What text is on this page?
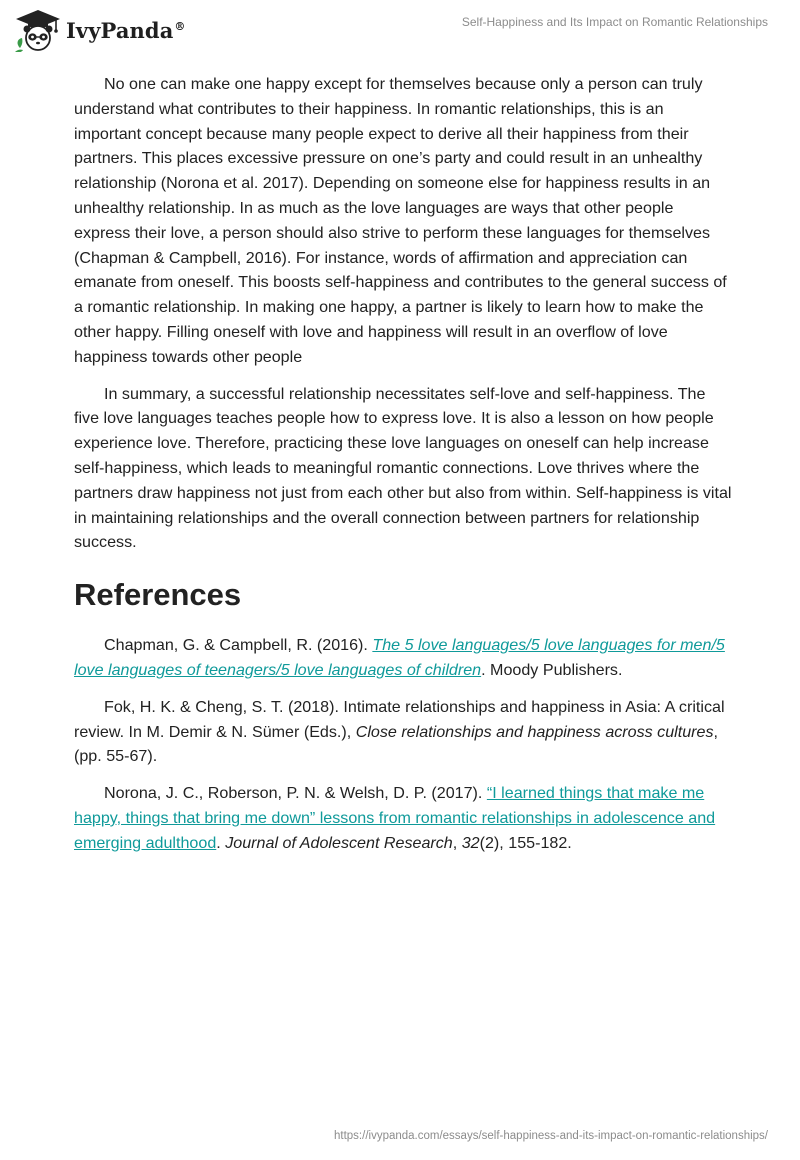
IvyPanda®	Self-Happiness and Its Impact on Romantic Relationships

No one can make one happy except for themselves because only a person can truly understand what contributes to their happiness. In romantic relationships, this is an important concept because many people expect to derive all their happiness from their partners. This places excessive pressure on one’s party and could result in an unhealthy relationship (Norona et al. 2017). Depending on someone else for happiness results in an unhealthy relationship. In as much as the love languages are ways that other people express their love, a person should also strive to perform these languages for themselves (Chapman & Campbell, 2016). For instance, words of affirmation and appreciation can emanate from oneself. This boosts self-happiness and contributes to the general success of a romantic relationship. In making one happy, a partner is likely to learn how to make the other happy. Filling oneself with love and happiness will result in an overflow of love happiness towards other people

In summary, a successful relationship necessitates self-love and self-happiness. The five love languages teaches people how to express love. It is also a lesson on how people experience love. Therefore, practicing these love languages on oneself can help increase self-happiness, which leads to meaningful romantic connections. Love thrives where the partners draw happiness not just from each other but also from within. Self-happiness is vital in maintaining relationships and the overall connection between partners for relationship success.

References

Chapman, G. & Campbell, R. (2016). The 5 love languages/5 love languages for men/5 love languages of teenagers/5 love languages of children. Moody Publishers.

Fok, H. K. & Cheng, S. T. (2018). Intimate relationships and happiness in Asia: A critical review. In M. Demir & N. Sümer (Eds.), Close relationships and happiness across cultures, (pp. 55-67).

Norona, J. C., Roberson, P. N. & Welsh, D. P. (2017). “I learned things that make me happy, things that bring me down” lessons from romantic relationships in adolescence and emerging adulthood. Journal of Adolescent Research, 32(2), 155-182.

https://ivypanda.com/essays/self-happiness-and-its-impact-on-romantic-relationships/
